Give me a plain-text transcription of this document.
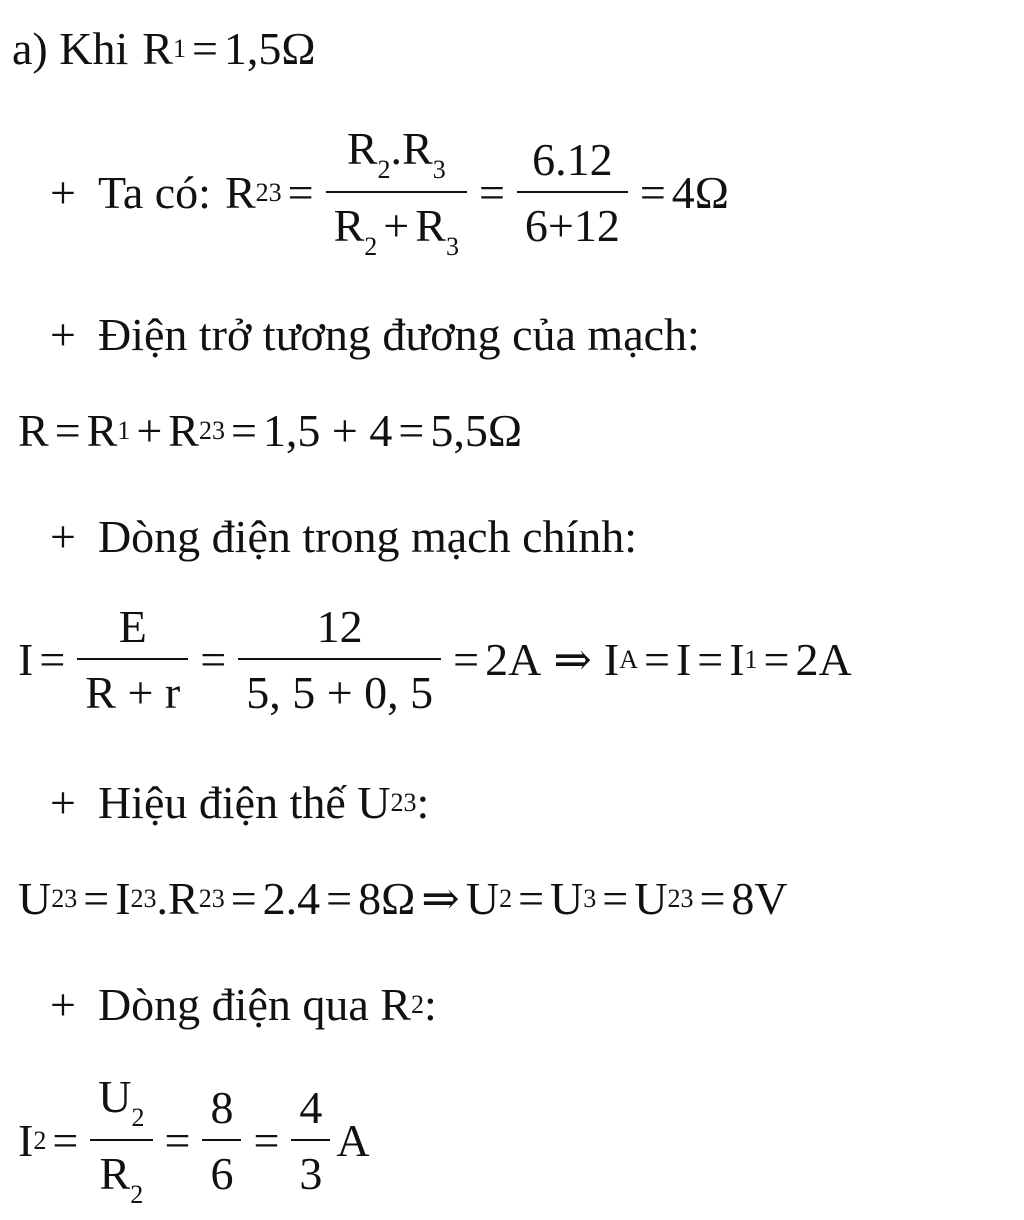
a) Khi R 1 = 1,5Ω
+ Ta có: R $23 = \frac{R_2.R_3}{R_2 + R_3} = \frac{6.12}{6+12} = 4\Omega$
+ Điện trở tương đương của mạch:
R = R 1 + R 23 = 1,5 + 4 = 5,5Ω
+ Dòng điện trong mạch chính:
$I = \frac{E}{R + r} = \frac{12}{5, 5 + 0, 5} = 2A$ ⇒ I A = I = I 1 = 2A
+ Hiệu điện thế U 23 :
U 23 = I 23 . R 23 = 2.4 = 8Ω ⇒ U 2 = U 3 = U 23 = 8V
+ Dòng điện qua R 2 :
I $2 = \frac{U_2}{R_2} = \frac{8}{6} = \frac{4}{3}$ A
